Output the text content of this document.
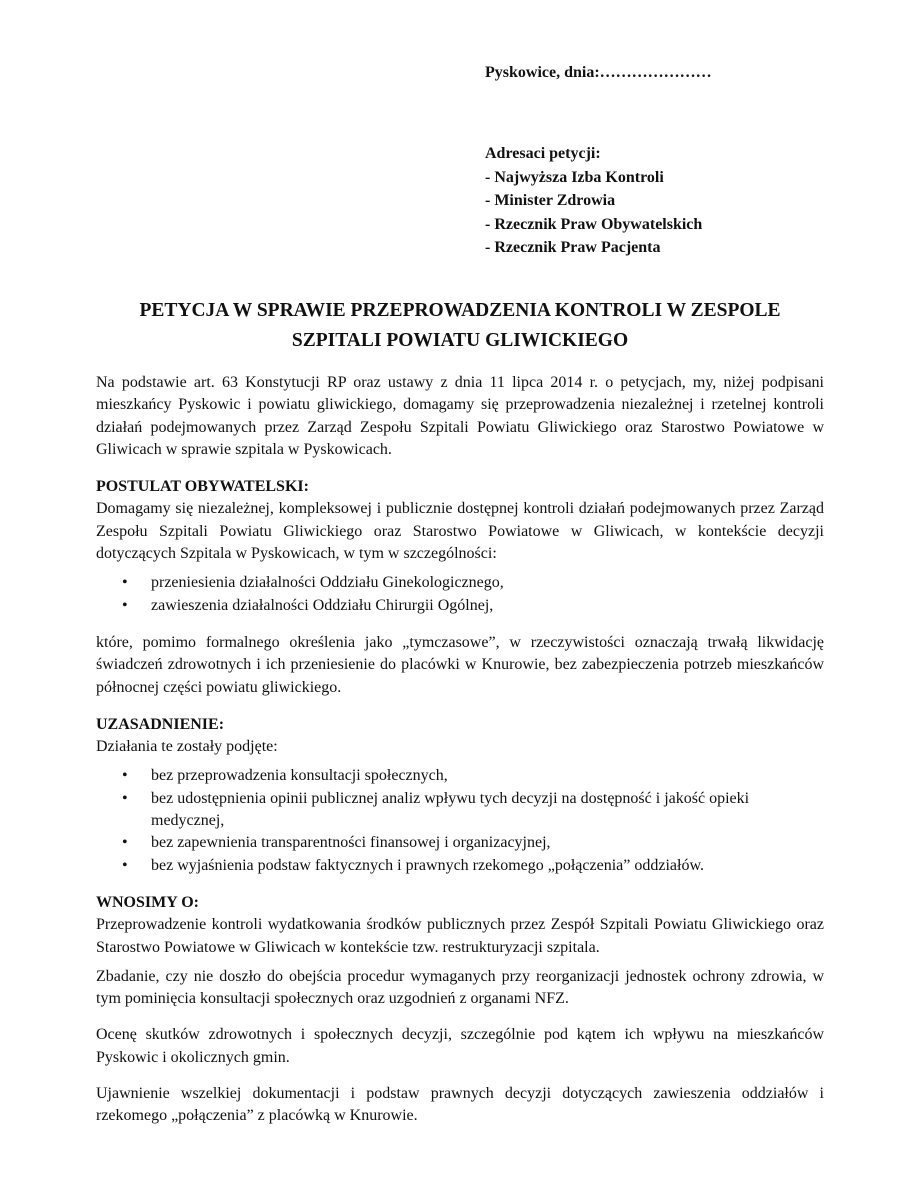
Pyskowice, dnia:…………………
Adresaci petycji:
- Najwyższa Izba Kontroli
- Minister Zdrowia
- Rzecznik Praw Obywatelskich
- Rzecznik Praw Pacjenta
PETYCJA W SPRAWIE PRZEPROWADZENIA KONTROLI W ZESPOLE
SZPITALI POWIATU GLIWICKIEGO

Na podstawie art. 63 Konstytucji RP oraz ustawy z dnia 11 lipca 2014 r. o petycjach, my, niżej podpisani mieszkańcy Pyskowic i powiatu gliwickiego, domagamy się przeprowadzenia niezależnej i rzetelnej kontroli działań podejmowanych przez Zarząd Zespołu Szpitali Powiatu Gliwickiego oraz Starostwo Powiatowe w Gliwicach w sprawie szpitala w Pyskowicach.

POSTULAT OBYWATELSKI:

Domagamy się niezależnej, kompleksowej i publicznie dostępnej kontroli działań podejmowanych przez Zarząd Zespołu Szpitali Powiatu Gliwickiego oraz Starostwo Powiatowe w Gliwicach, w kontekście decyzji dotyczących Szpitala w Pyskowicach, w tym w szczególności:

• przeniesienia działalności Oddziału Ginekologicznego,
• zawieszenia działalności Oddziału Chirurgii Ogólnej,

które, pomimo formalnego określenia jako „tymczasowe”, w rzeczywistości oznaczają trwałą likwidację świadczeń zdrowotnych i ich przeniesienie do placówki w Knurowie, bez zabezpieczenia potrzeb mieszkańców północnej części powiatu gliwickiego.

UZASADNIENIE:

Działania te zostały podjęte:

• bez przeprowadzenia konsultacji społecznych,
• bez udostępnienia opinii publicznej analiz wpływu tych decyzji na dostępność i jakość opieki medycznej,
• bez zapewnienia transparentności finansowej i organizacyjnej,
• bez wyjaśnienia podstaw faktycznych i prawnych rzekomego „połączenia” oddziałów.

WNOSIMY O:

Przeprowadzenie kontroli wydatkowania środków publicznych przez Zespół Szpitali Powiatu Gliwickiego oraz Starostwo Powiatowe w Gliwicach w kontekście tzw. restrukturyzacji szpitala.

Zbadanie, czy nie doszło do obejścia procedur wymaganych przy reorganizacji jednostek ochrony zdrowia, w tym pominięcia konsultacji społecznych oraz uzgodnień z organami NFZ.

Ocenę skutków zdrowotnych i społecznych decyzji, szczególnie pod kątem ich wpływu na mieszkańców Pyskowic i okolicznych gmin.

Ujawnienie wszelkiej dokumentacji i podstaw prawnych decyzji dotyczących zawieszenia oddziałów i rzekomego „połączenia” z placówką w Knurowie.
